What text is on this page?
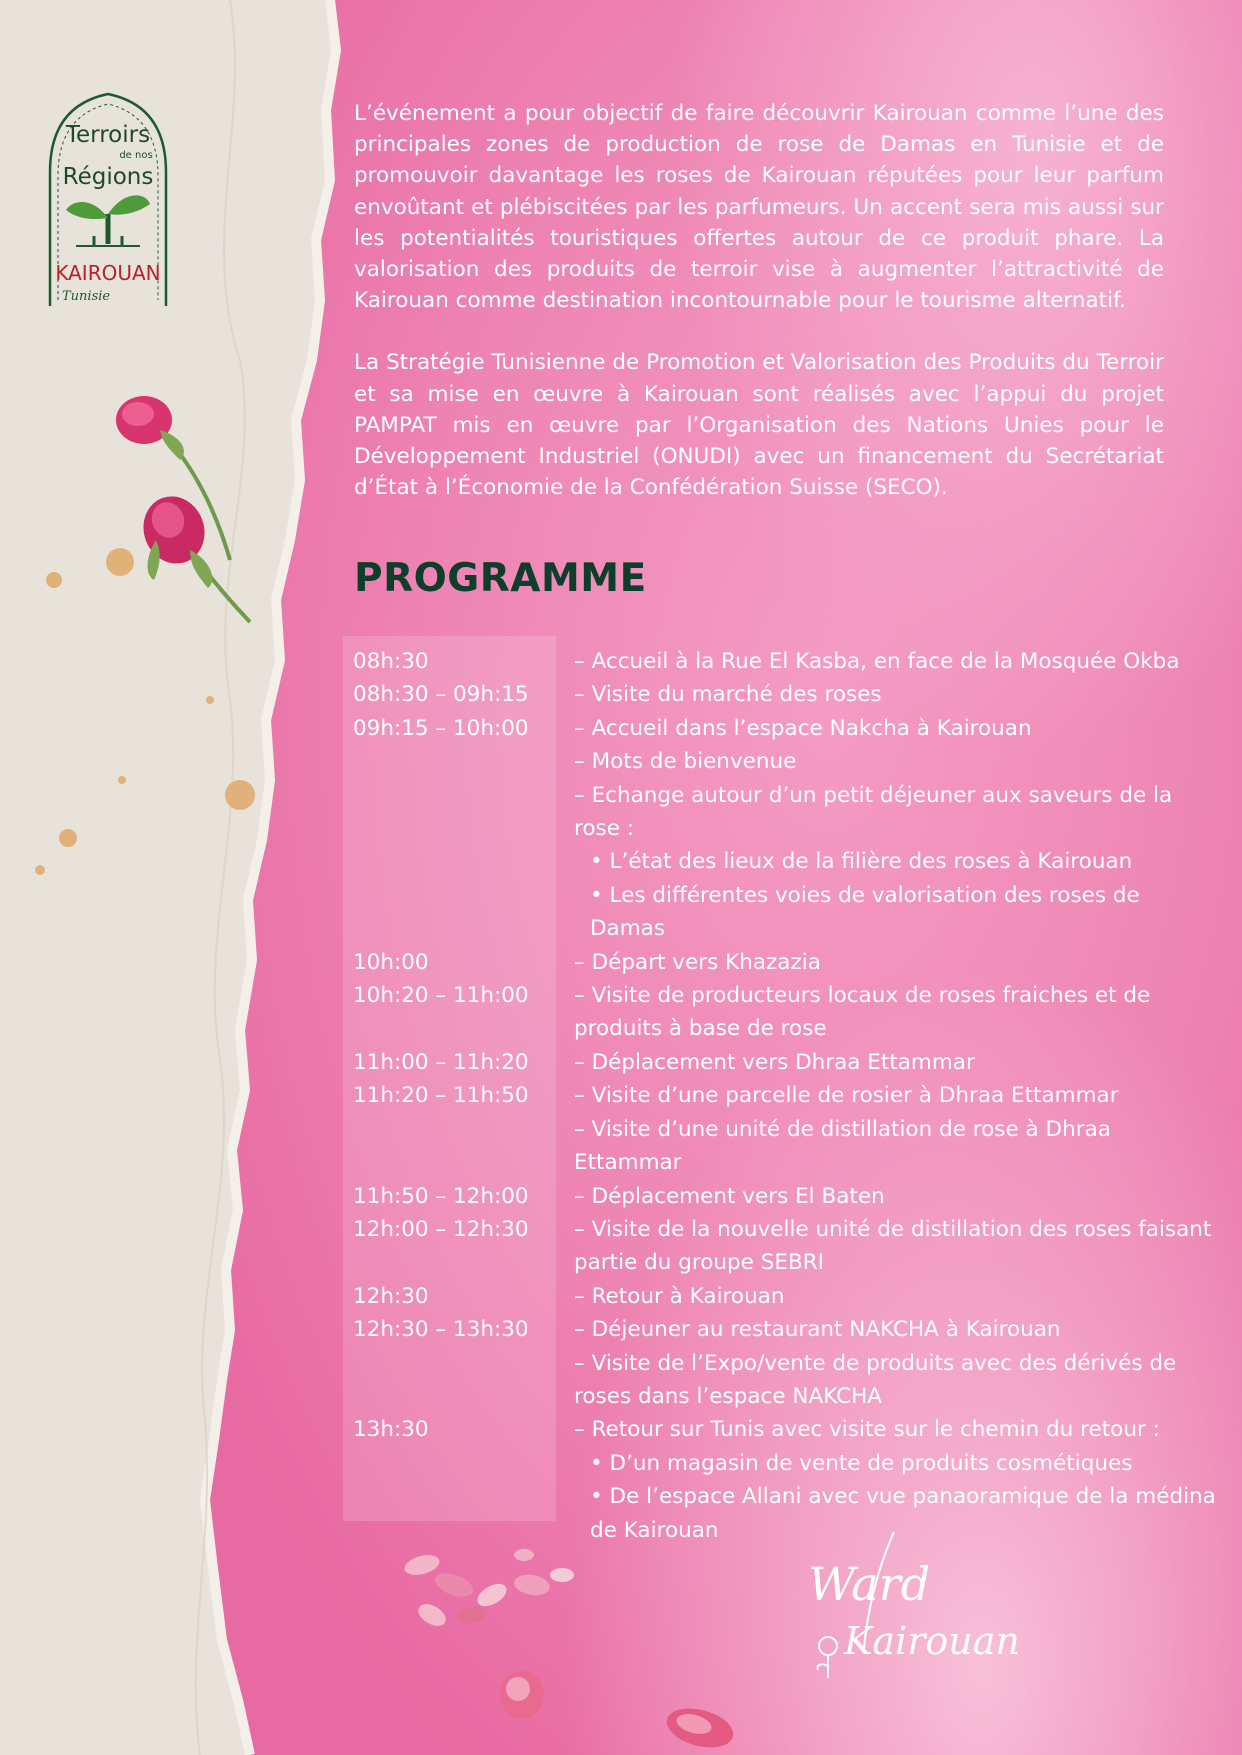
Terroirs
de nos
Régions
KAIROUAN
Tunisie

L’événement a pour objectif de faire découvrir Kairouan comme l’une des principales zones de production de rose de Damas en Tunisie et de promouvoir davantage les roses de Kairouan réputées pour leur parfum envoûtant et plébiscitées par les parfumeurs. Un accent sera mis aussi sur les potentialités touristiques offertes autour de ce produit phare. La valorisation des produits de terroir vise à augmenter l’attractivité de Kairouan comme destination incontournable pour le tourisme alternatif.

La Stratégie Tunisienne de Promotion et Valorisation des Produits du Terroir et sa mise en œuvre à Kairouan sont réalisés avec l’appui du projet PAMPAT mis en œuvre par l’Organisation des Nations Unies pour le Développement Industriel (ONUDI) avec un financement du Secrétariat d’État à l’Économie de la Confédération Suisse (SECO).

PROGRAMME
08h:30	– Accueil à la Rue El Kasba, en face de la Mosquée Okba
08h:30 – 09h:15	– Visite du marché des roses
09h:15 – 10h:00	– Accueil dans l’espace Nakcha à Kairouan
– Mots de bienvenue
– Echange autour d’un petit déjeuner aux saveurs de la rose :
• L’état des lieux de la filière des roses à Kairouan
• Les différentes voies de valorisation des roses de Damas
10h:00	– Départ vers Khazazia
10h:20 – 11h:00	– Visite de producteurs locaux de roses fraiches et de produits à base de rose
11h:00 – 11h:20	– Déplacement vers Dhraa Ettammar
11h:20 – 11h:50	– Visite d’une parcelle de rosier à Dhraa Ettammar
– Visite d’une unité de distillation de rose à Dhraa Ettammar
11h:50 – 12h:00	– Déplacement vers El Baten
12h:00 – 12h:30	– Visite de la nouvelle unité de distillation des roses faisant partie du groupe SEBRI
12h:30	– Retour à Kairouan
12h:30 – 13h:30	– Déjeuner au restaurant NAKCHA à Kairouan
– Visite de l’Expo/vente de produits avec des dérivés de roses dans l’espace NAKCHA
13h:30	– Retour sur Tunis avec visite sur le chemin du retour :
• D’un magasin de vente de produits cosmétiques
• De l’espace Allani avec vue panaoramique de la médina de Kairouan
Ward
Kairouan
